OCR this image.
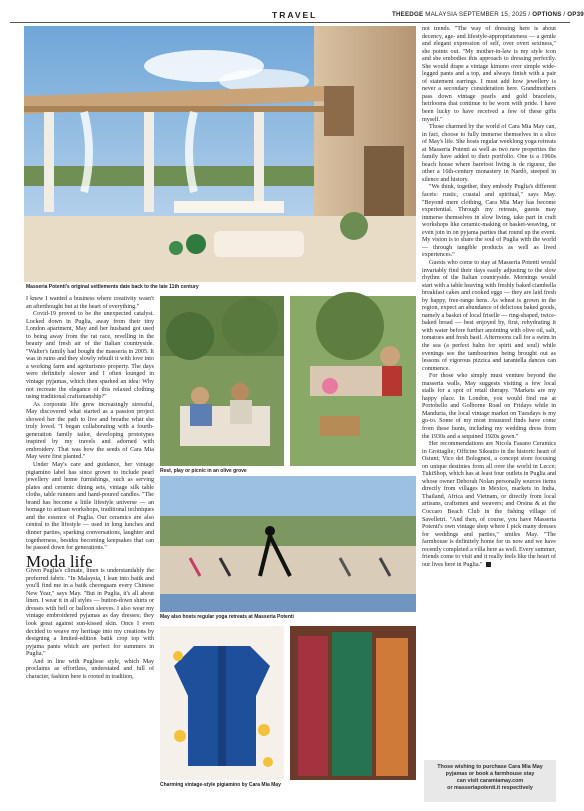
TRAVEL	THEEDGE MALAYSIA SEPTEMBER 15, 2025 / OPTIONS / OP39
Masseria Potenti's original settlements date back to the late 11th century

I knew I wanted a business where creativity wasn't an afterthought but at the heart of everything."

Covid-19 proved to be the unexpected catalyst. Locked down in Puglia, away from their tiny London apartment, May and her husband got used to being away from the rat race, revelling in the beauty and fresh air of the Italian countryside. "Walter's family had bought the masseria in 2005. It was in ruins and they slowly rebuilt it with love into a working farm and agriturismo property. The days were definitely slower and I often lounged in vintage pyjamas, which then sparked an idea: Why not recreate the elegance of this relaxed clothing using traditional craftsmanship?"

As corporate life grew increasingly stressful, May discovered what started as a passion project showed her the path to live and breathe what she truly loved. "I began collaborating with a fourth-generation family tailor, developing prototypes inspired by my travels and adorned with embroidery. That was how the seeds of Cara Mia May were first planted."

Under May's care and guidance, her vintage pigiamino label has since grown to include pearl jewellery and home furnishings, such as serving plates and ceramic dining sets, vintage silk table cloths, table runners and hand-poured candles. "The brand has become a little lifestyle universe — an homage to artisan workshops, traditional techniques and the essence of Puglia. Our ceramics are also central to the lifestyle — used in long lunches and dinner parties, sparking conversations, laughter and togetherness, besides becoming keepsakes that can be passed down for generations."

Moda life

Given Puglia's climate, linen is understandably the preferred fabric. "In Malaysia, I lean into batik and you'll find me in a batik cheongsam every Chinese New Year," says May. "But in Puglia, it's all about linen. I wear it in all styles — button-down shirts or dresses with bell or balloon sleeves. I also wear my vintage embroidered pyjamas as day dresses; they look great against sun-kissed skin. Once I even decided to weave my heritage into my creations by designing a limited-edition batik crop top with pyjama pants which are perfect for summers in Puglia."

And in line with Pugliese style, which May proclaims as effortless, understated and full of character, fashion here is rooted in tradition,

Rest, play or picnic in an olive grove
May also hosts regular yoga retreats at Masseria Potenti
Charming vintage-style pigiamino by Cara Mia May

not trends. "The way of dressing here is about decency, age- and lifestyle-appropriateness — a gentle and elegant expression of self, over overt sexiness," she points out. "My mother-in-law is my style icon and she embodies this approach to dressing perfectly. She would drape a vintage kimono over simple wide-legged pants and a top, and always finish with a pair of statement earrings. I must add how jewellery is never a secondary consideration here. Grandmothers pass down vintage pearls and gold bracelets, heirlooms that continue to be worn with pride. I have been lucky to have received a few of these gifts myself."

Those charmed by the world of Cara Mia May can, in fact, choose to fully immerse themselves in a slice of May's life. She hosts regular weeklong yoga retreats at Masseria Potenti as well as two new properties the family have added to their portfolio. One is a 1960s beach house where barefoot living is de rigueur, the other a 16th-century monastery in Nardò, steeped in silence and history.

"We think, together, they embody Puglia's different facets: rustic, coastal and spiritual," says May. "Beyond mere clothing, Cara Mia May has become experiential. Through my retreats, guests may immerse themselves in slow living, take part in craft workshops like ceramic-making or basket-weaving, or even join in on pyjama parties that round up the event. My vision is to share the soul of Puglia with the world — through tangible products as well as lived experiences."

Guests who come to stay at Masseria Potenti would invariably find their days easily adjusting to the slow rhythm of the Italian countryside. Mornings would start with a table heaving with freshly baked ciambella breakfast cakes and cooked eggs — they are laid fresh by happy, free-range hens. As wheat is grown in the region, expect an abundance of delicious baked goods, namely a basket of local friselle — ring-shaped, twice-baked bread — best enjoyed by, first, rehydrating it with water before further anointing with olive oil, salt, tomatoes and fresh basil. Afternoons call for a swim in the sea (a perfect balm for spirit and soul) while evenings see the tambourines being brought out as lessons of vigorous pizzica and tarantella dances can commence.

For those who simply must venture beyond the masseria walls, May suggests visiting a few local stalls for a spot of retail therapy. "Markets are my happy place. In London, you would find me at Portobello and Golborne Road on Fridays while in Manduria, the local vintage market on Tuesdays is my go-to. Some of my most treasured finds have come from these hunts, including my wedding dress from the 1930s and a sequined 1920s gown."

Her recommendations are Nicola Fasano Ceramics in Grottaglie; Officine Sikeatio in the historic heart of Ostuni; Vico dei Bolognesi, a concept store focusing on unique destinies from all over the world in Lecce; TukiShop, which has at least four outlets in Puglia and whose owner Deborah Nolan personally sources items directly from villages in Mexico, markets in India, Thailand, Africa and Vietnam, or directly from local artisans, craftsmen and weavers; and Orsina & at the Coccaro Beach Club in the fishing village of Savelletri. "And then, of course, you have Masseria Potenti's own vintage shop where I pick many dresses for weddings and parties," smiles May. "The farmhouse is definitely home for us now and we have recently completed a villa here as well. Every summer, friends come to visit and it really feels like the heart of our lives here in Puglia."

Those wishing to purchase Cara Mia May
pyjamas or book a farmhouse stay
can visit caramiamay.com
or masseriapotenti.it respectively
